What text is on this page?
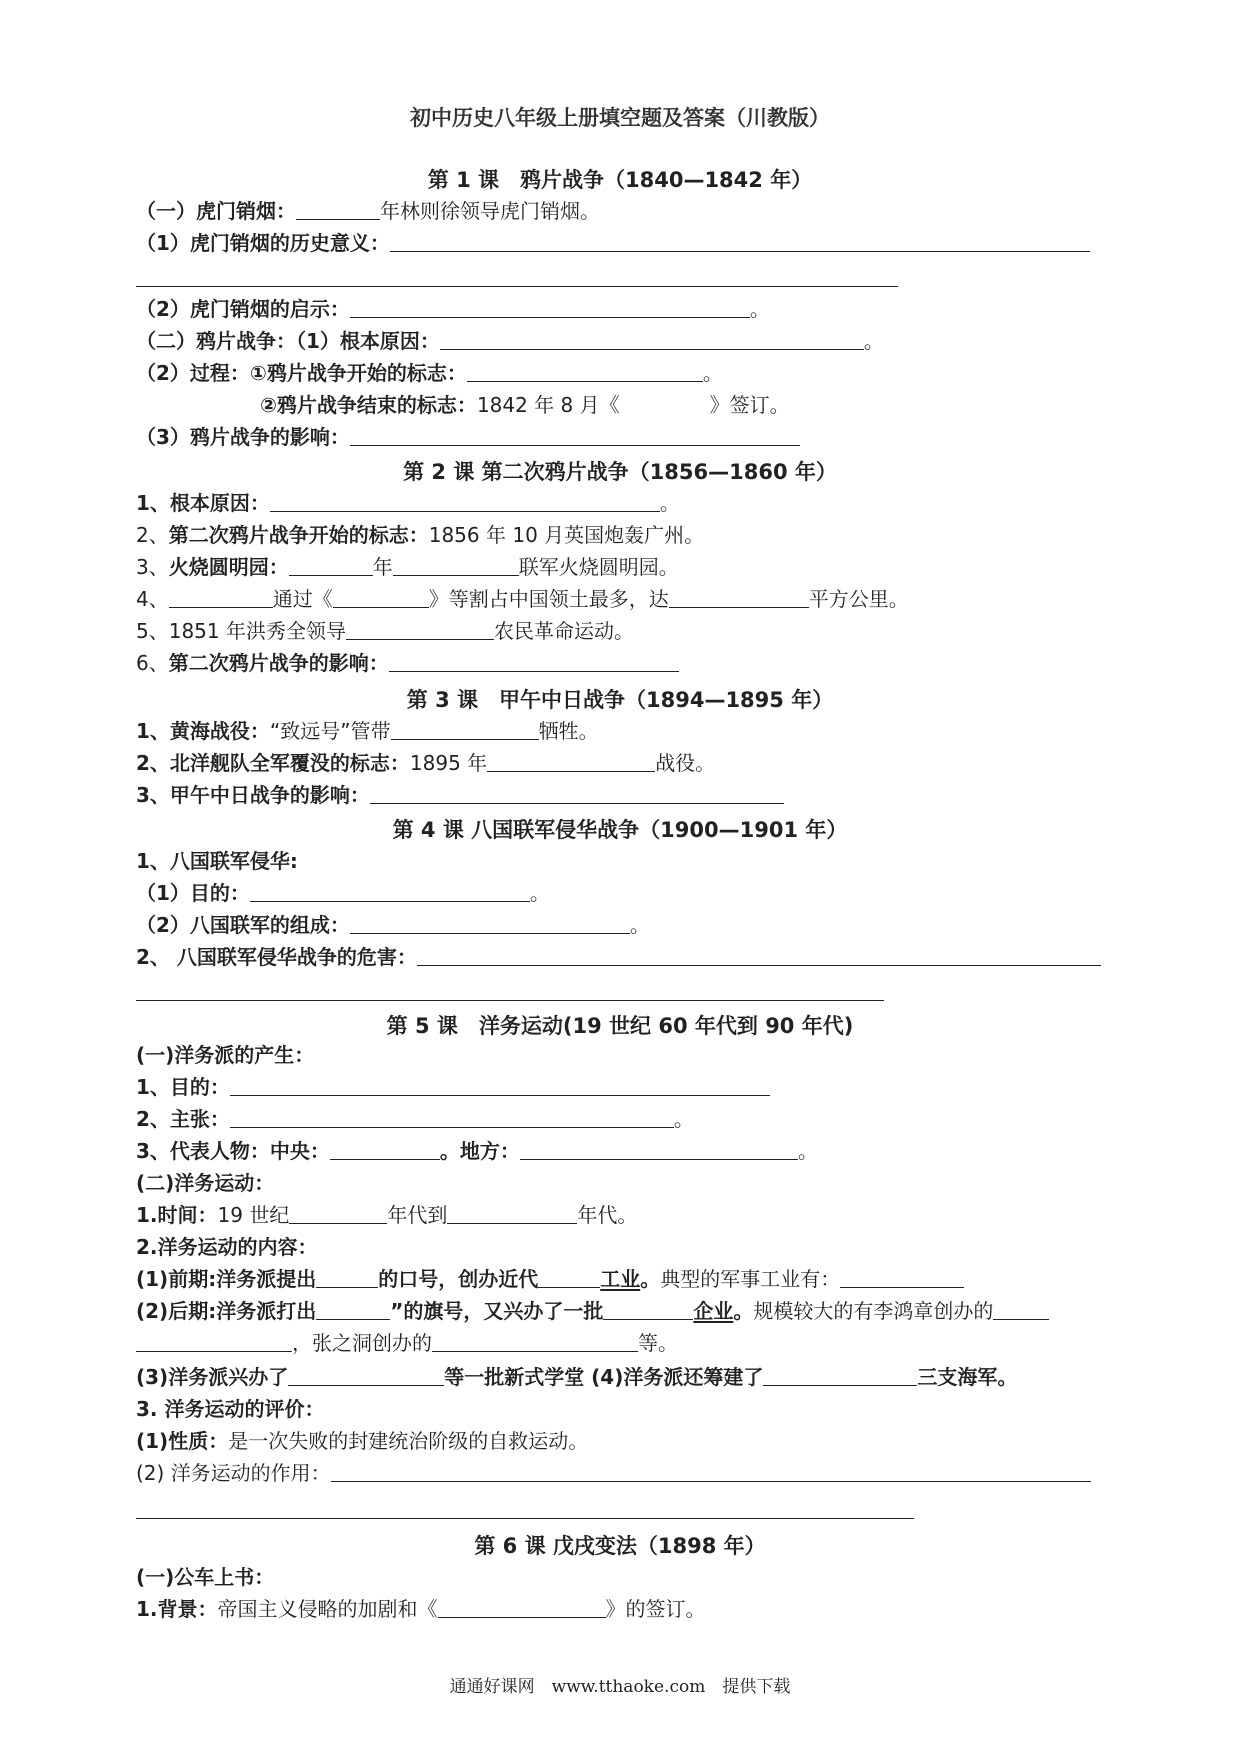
初中历史八年级上册填空题及答案（川教版）
第 1 课　鸦片战争（1840—1842 年）
（一）虎门销烟：	年林则徐领导虎门销烟。
（1）虎门销烟的历史意义：
（2）虎门销烟的启示：	。
（二）鸦片战争：（1）根本原因：	。
（2）过程：①鸦片战争开始的标志：	。
②鸦片战争结束的标志：1842 年 8 月《	》签订。
（3）鸦片战争的影响：
第 2 课 第二次鸦片战争（1856—1860 年）
1、根本原因：	。
2、第二次鸦片战争开始的标志：1856 年 10 月英国炮轰广州。
3、火烧圆明园：	年	联军火烧圆明园。
4、	通过《	》等割占中国领土最多，达	平方公里。
5、1851 年洪秀全领导	农民革命运动。
6、第二次鸦片战争的影响：
第 3 课　甲午中日战争（1894—1895 年）
1、黄海战役：“致远号”管带	牺牲。
2、北洋舰队全军覆没的标志：1895 年	战役。
3、甲午中日战争的影响：
第 4 课 八国联军侵华战争（1900—1901 年）
1、八国联军侵华:
（1）目的：	。
（2）八国联军的组成：	。
2、 八国联军侵华战争的危害：
第 5 课　洋务运动(19 世纪 60 年代到 90 年代)
(一)洋务派的产生：
1、目的：
2、主张：	。
3、代表人物：中央：	。地方：	。
(二)洋务运动：
1.时间：19 世纪	年代到	年代。
2.洋务运动的内容：
(1)前期:洋务派提出	的口号，创办近代	工业。典型的军事工业有：
(2)后期:洋务派打出	”的旗号，又兴办了一批	企业。规模较大的有李鸿章创办的
，张之洞创办的	等。
(3)洋务派兴办了	等一批新式学堂 (4)洋务派还筹建了	三支海军。
3. 洋务运动的评价：
(1)性质：是一次失败的封建统治阶级的自救运动。
(2) 洋务运动的作用：
第 6 课 戊戌变法（1898 年）
(一)公车上书：
1.背景：帝国主义侵略的加剧和《	》的签订。
通通好课网　www.tthaoke.com　提供下载
